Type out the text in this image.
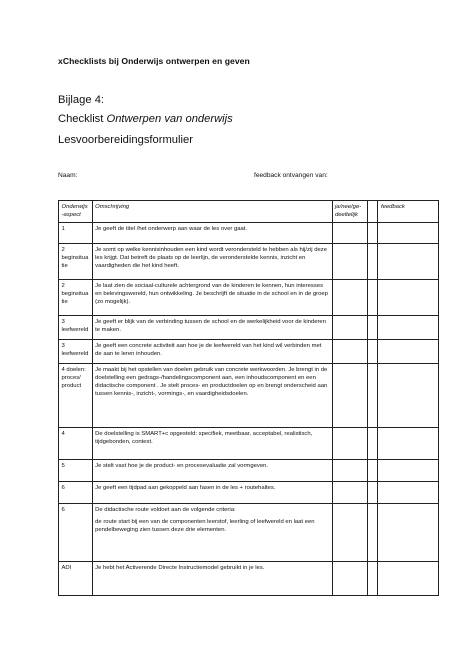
xChecklists bij Onderwijs ontwerpen en geven
Bijlage 4:
Checklist Ontwerpen van onderwijs
Lesvoorbereidingsformulier
Naam:	feedback ontvangen van:
Onderwijs-aspect	Omschrijving	ja/nee/ge-deeltelijk		feedback
1	Je geeft de titel /het onderwerp aan waar de les over gaat.			

2 beginsituatie	Je somt op welke kennisinhouden een kind wordt verondersteld te hebben als hij/zij deze les krijgt. Dat betreft de plaats op de leerlijn, de veronderstelde kennis, inzicht en vaardigheden die het kind heeft.			

2 beginsituatie	Je laat zien de sociaal-culturele achtergrond van de kinderen te kennen, hun interesses en belevingswereld, hun ontwikkeling. Je beschrijft de situatie in de school en in de groep (zo mogelijk).			

3 leefwereld	Je geeft er blijk van de verbinding tussen de school en de werkelijkheid voor de kinderen te maken.			

3 leefwereld	Je geeft een concrete activiteit aan hoe je de leefwereld van het kind wil verbinden met de aan te leren inhouden.			

4 doelen: proces/ product	Je maakt bij het opstellen van doelen gebruik van concrete werkwoorden. Je brengt in de doelstelling een gedrags-/handelingscomponent aan, een inhoudscomponent en een didactische component . Je stelt proces- en productdoelen op en brengt onderscheid aan tussen kennis-, inzicht-, vormings-, en vaardigheidsdoelen.			

4	De doelstelling is SMART+c opgesteld: specifiek, meetbaar, acceptabel, realistisch, tijdgebonden, context.			

5	Je stelt vast hoe je de product- en procesevaluatie zal vormgeven.			

6	Je geeft een tijdpad aan gekoppeld aan fasen in de les + routehaltes.			

6	De didactische route voldoet aan de volgende criteria:
de route start bij een van de componenten leerstof, leerling of leefwereld en laat een pendelbeweging zien tussen deze drie elementen.			

ADI	Je hebt het Activerende Directe Instructiemodel gebruikt in je les.			
